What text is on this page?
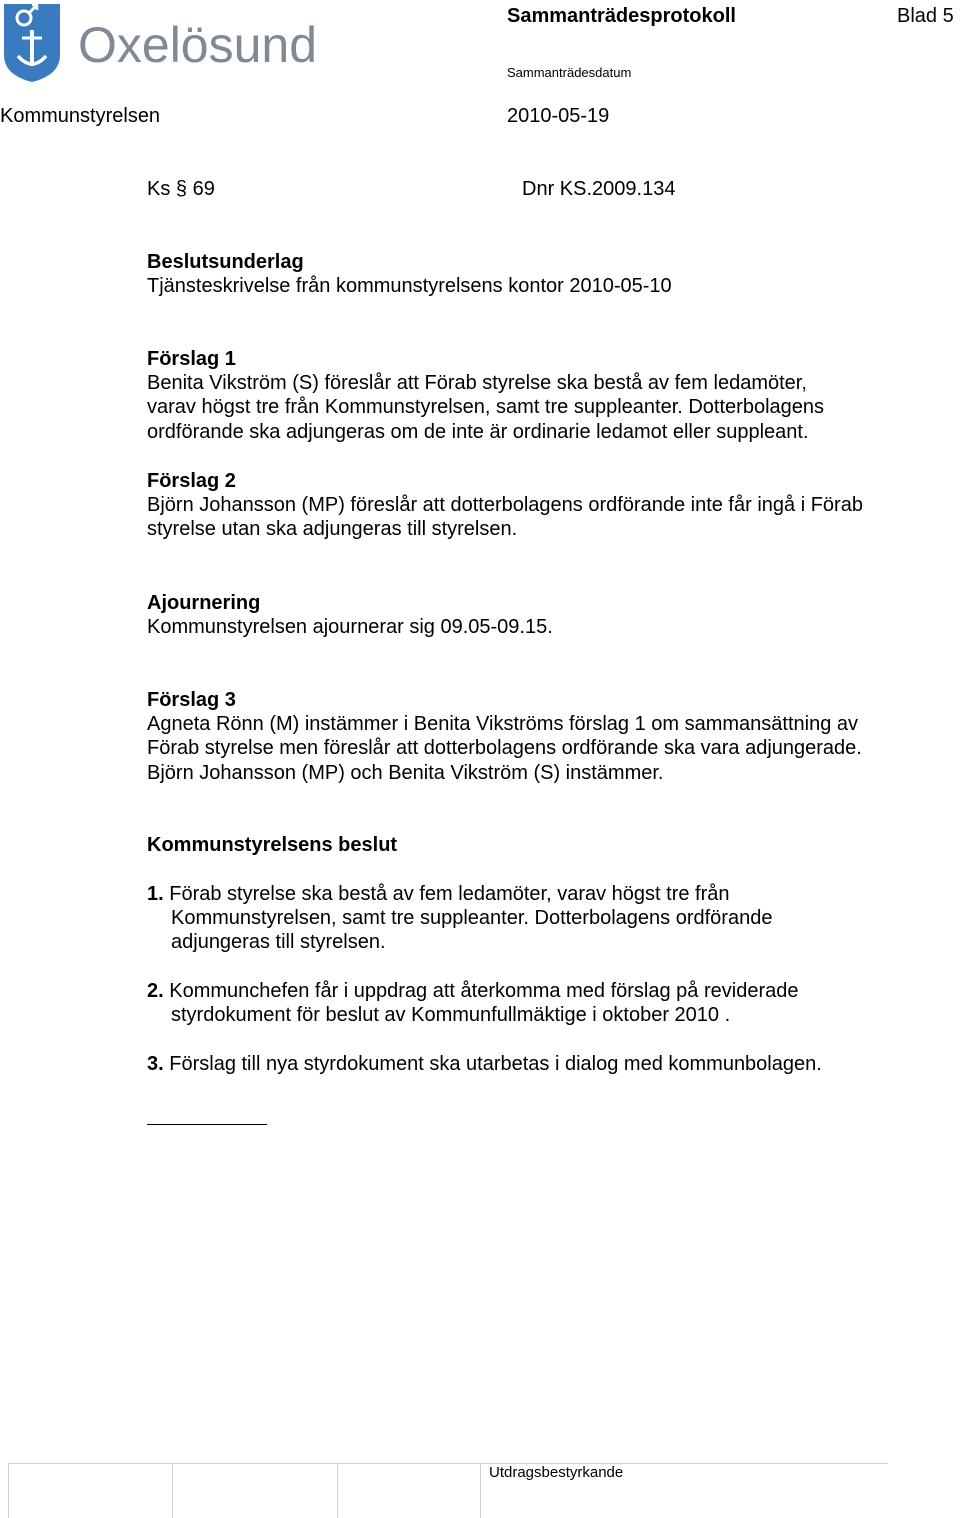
Oxelösund
Sammanträdesprotokoll	Blad 5
Sammanträdesdatum
Kommunstyrelsen	2010-05-19
Ks § 69	Dnr KS.2009.134
Beslutsunderlag
Tjänsteskrivelse från kommunstyrelsens kontor 2010-05-10
Förslag 1
Benita Vikström (S) föreslår att Förab styrelse ska bestå av fem ledamöter,
varav högst tre från Kommunstyrelsen, samt tre suppleanter. Dotterbolagens
ordförande ska adjungeras om de inte är ordinarie ledamot eller suppleant.
Förslag 2
Björn Johansson (MP) föreslår att dotterbolagens ordförande inte får ingå i Förab
styrelse utan ska adjungeras till styrelsen.
Ajournering
Kommunstyrelsen ajournerar sig 09.05-09.15.
Förslag 3
Agneta Rönn (M) instämmer i Benita Vikströms förslag 1 om sammansättning av
Förab styrelse men föreslår att dotterbolagens ordförande ska vara adjungerade.
Björn Johansson (MP) och Benita Vikström (S) instämmer.
Kommunstyrelsens beslut
1. Förab styrelse ska bestå av fem ledamöter, varav högst tre från
Kommunstyrelsen, samt tre suppleanter. Dotterbolagens ordförande
adjungeras till styrelsen.
2. Kommunchefen får i uppdrag att återkomma med förslag på reviderade
styrdokument för beslut av Kommunfullmäktige i oktober 2010 .
3. Förslag till nya styrdokument ska utarbetas i dialog med kommunbolagen.
Utdragsbestyrkande
